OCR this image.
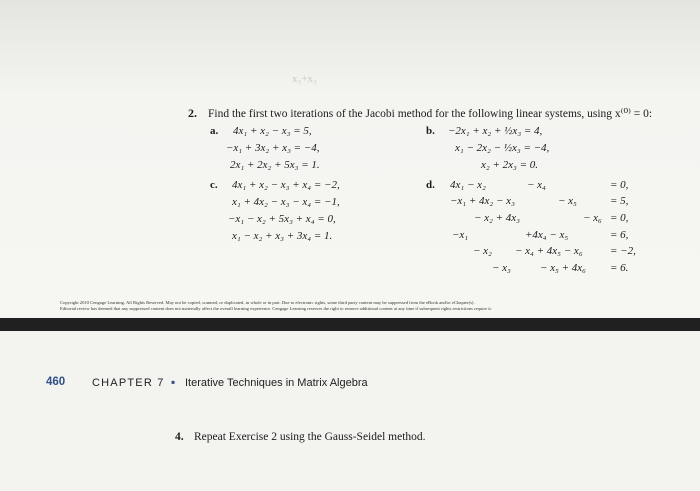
x₃+x₃
2. Find the first two iterations of the Jacobi method for the following linear systems, using x⁽⁰⁾ = 0:
a. 4x₁ + x₂ − x₃ = 5,
−x₁ + 3x₂ + x₃ = −4,
2x₁ + 2x₂ + 5x₃ = 1.
b. −2x₁ + x₂ + ½x₃ = 4,
x₁ − 2x₂ − ½x₃ = −4,
x₂ + 2x₃ = 0.
c. 4x₁ + x₂ − x₃ + x₄ = −2,
x₁ + 4x₂ − x₃ − x₄ = −1,
−x₁ − x₂ + 5x₃ + x₄ = 0,
x₁ − x₂ + x₃ + 3x₄ = 1.
d. 4x₁ − x₂	− x₄	= 0,
−x₁ + 4x₂ − x₃	− x₅	= 5,
− x₂ + 4x₃	− x₆ = 0,
−x₁	+4x₄ − x₅	= 6,
− x₂ − x₄ + 4x₅ − x₆ = −2,
− x₃	− x₅ + 4x₆ = 6.
Copyright 2010 Cengage Learning. All Rights Reserved. May not be copied, scanned, or duplicated, in whole or in part. Due to electronic rights, some third party content may be suppressed from the eBook and/or eChapter(s).
Editorial review has deemed that any suppressed content does not materially affect the overall learning experience. Cengage Learning reserves the right to remove additional content at any time if subsequent rights restrictions require it.
460 CHAPTER 7 ▪ Iterative Techniques in Matrix Algebra
4. Repeat Exercise 2 using the Gauss-Seidel method.
